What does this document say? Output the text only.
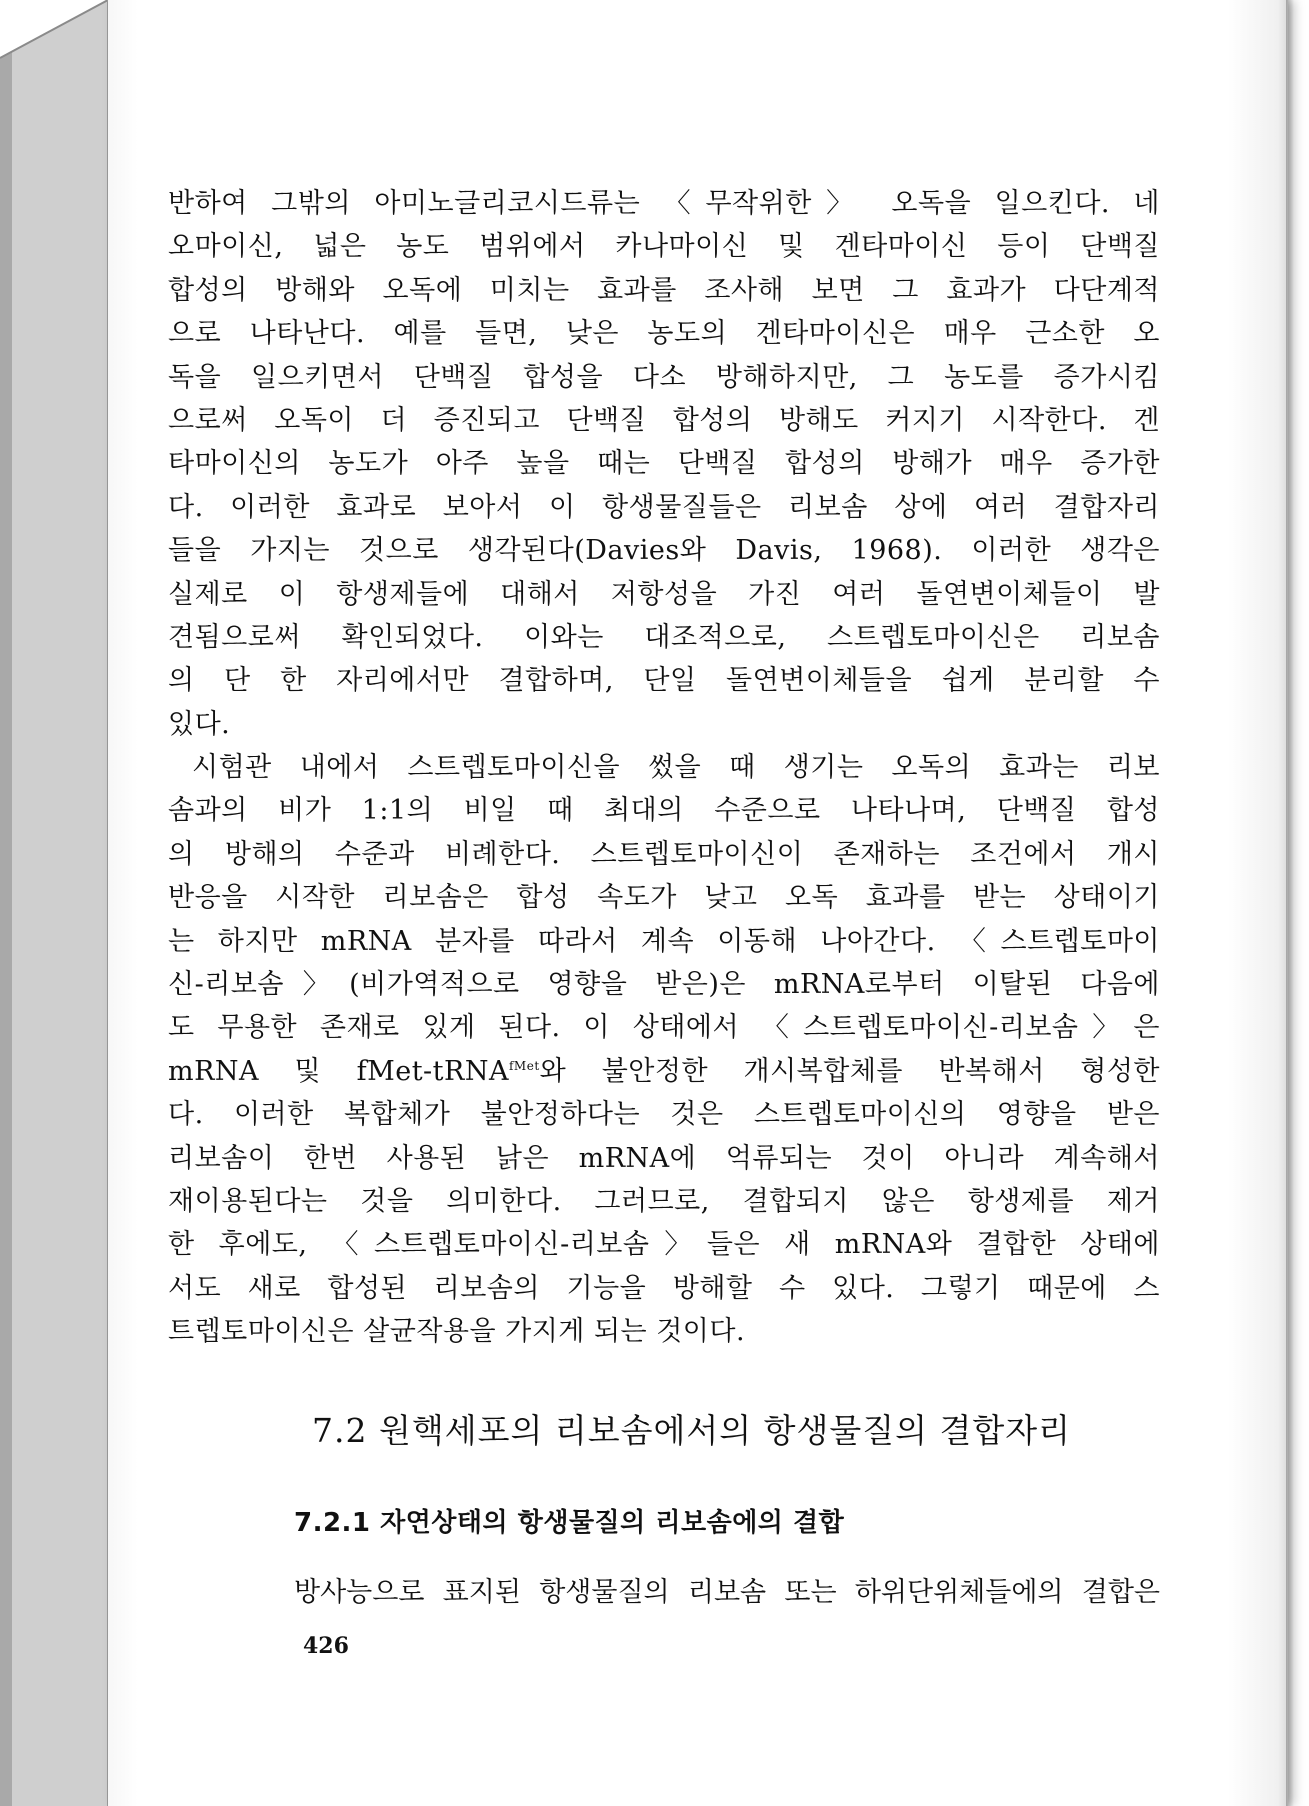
반하여 그밖의 아미노글리코시드류는 〈무작위한〉 오독을 일으킨다. 네
오마이신, 넓은 농도 범위에서 카나마이신 및 겐타마이신 등이 단백질
합성의 방해와 오독에 미치는 효과를 조사해 보면 그 효과가 다단계적
으로 나타난다. 예를 들면, 낮은 농도의 겐타마이신은 매우 근소한 오
독을 일으키면서 단백질 합성을 다소 방해하지만, 그 농도를 증가시킴
으로써 오독이 더 증진되고 단백질 합성의 방해도 커지기 시작한다. 겐
타마이신의 농도가 아주 높을 때는 단백질 합성의 방해가 매우 증가한
다. 이러한 효과로 보아서 이 항생물질들은 리보솜 상에 여러 결합자리
들을 가지는 것으로 생각된다(Davies와 Davis, 1968). 이러한 생각은
실제로 이 항생제들에 대해서 저항성을 가진 여러 돌연변이체들이 발
견됨으로써 확인되었다. 이와는 대조적으로, 스트렙토마이신은 리보솜
의 단 한 자리에서만 결합하며, 단일 돌연변이체들을 쉽게 분리할 수
있다.
시험관 내에서 스트렙토마이신을 썼을 때 생기는 오독의 효과는 리보
솜과의 비가 1:1의 비일 때 최대의 수준으로 나타나며, 단백질 합성
의 방해의 수준과 비례한다. 스트렙토마이신이 존재하는 조건에서 개시
반응을 시작한 리보솜은 합성 속도가 낮고 오독 효과를 받는 상태이기
는 하지만 mRNA 분자를 따라서 계속 이동해 나아간다. 〈스트렙토마이
신-리보솜〉(비가역적으로 영향을 받은)은 mRNA로부터 이탈된 다음에
도 무용한 존재로 있게 된다. 이 상태에서 〈스트렙토마이신-리보솜〉은
mRNA 및 fMet-tRNA$^{fMet}$와 불안정한 개시복합체를 반복해서 형성한
다. 이러한 복합체가 불안정하다는 것은 스트렙토마이신의 영향을 받은
리보솜이 한번 사용된 낡은 mRNA에 억류되는 것이 아니라 계속해서
재이용된다는 것을 의미한다. 그러므로, 결합되지 않은 항생제를 제거
한 후에도, 〈스트렙토마이신-리보솜〉들은 새 mRNA와 결합한 상태에
서도 새로 합성된 리보솜의 기능을 방해할 수 있다. 그렇기 때문에 스
트렙토마이신은 살균작용을 가지게 되는 것이다.
7.2 원핵세포의 리보솜에서의 항생물질의 결합자리
7.2.1 자연상태의 항생물질의 리보솜에의 결합
방사능으로 표지된 항생물질의 리보솜 또는 하위단위체들에의 결합은
426
